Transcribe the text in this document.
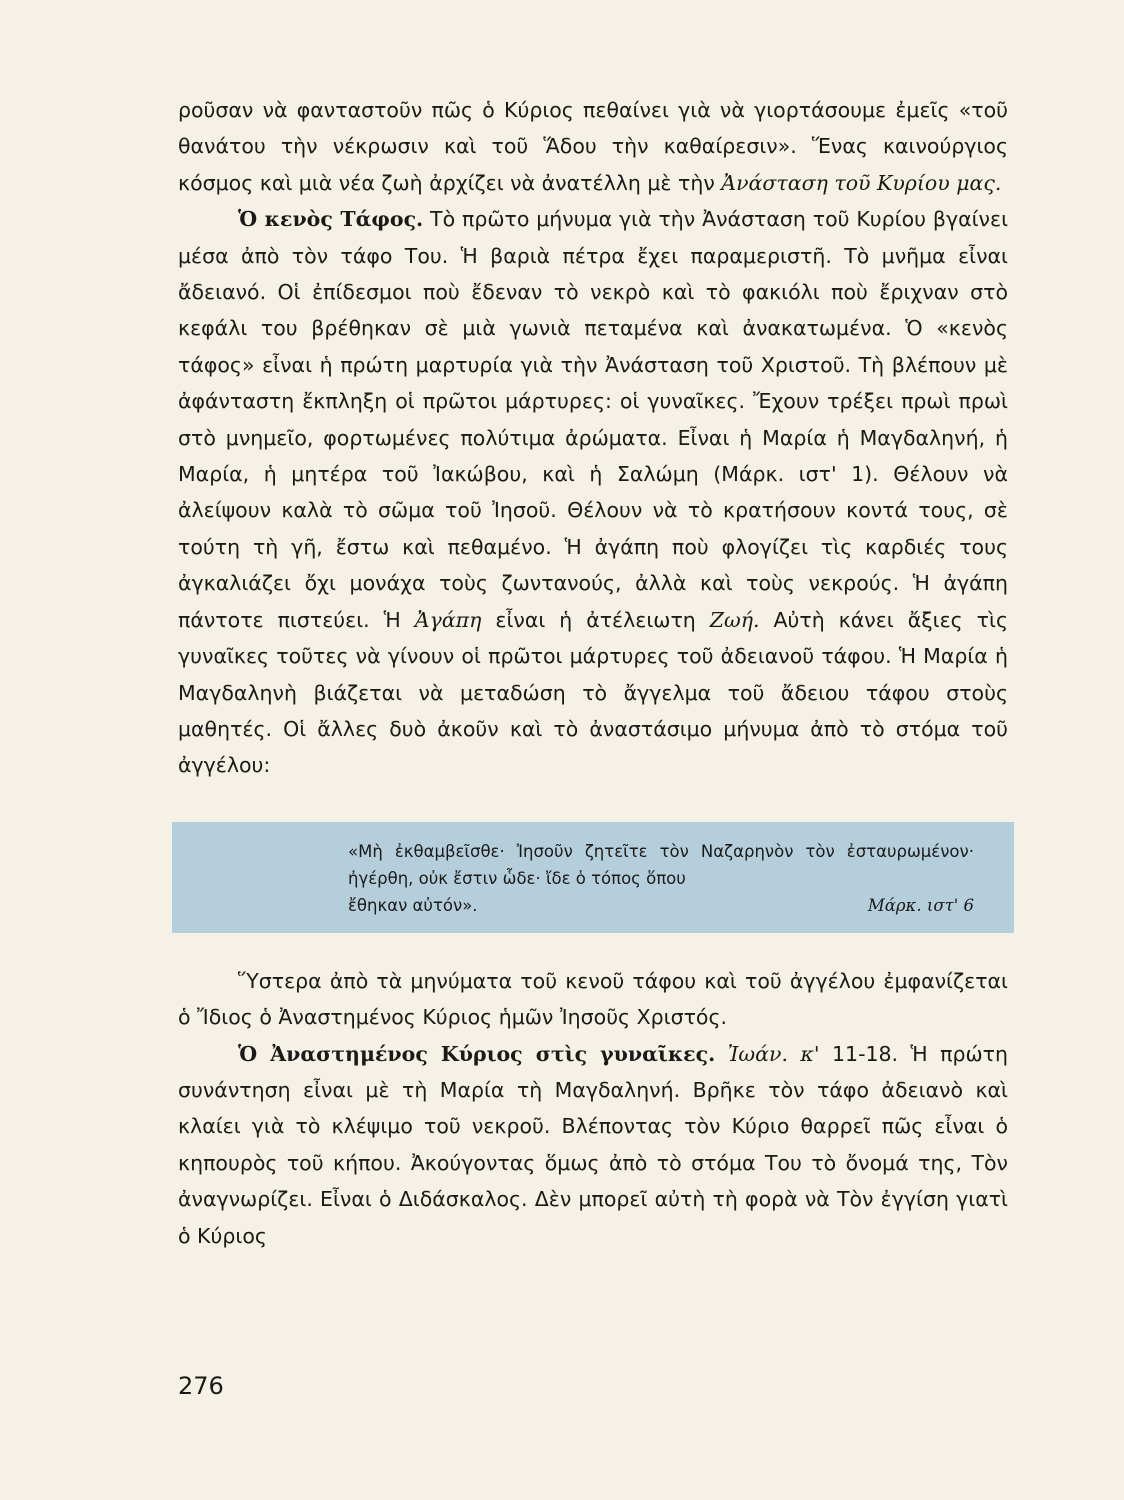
ροῦσαν νὰ φανταστοῦν πῶς ὁ Κύριος πεθαίνει γιὰ νὰ γιορτάσουμε ἐμεῖς «τοῦ θανάτου τὴν νέκρωσιν καὶ τοῦ Ἅδου τὴν καθαίρεσιν». Ἕνας καινούργιος κόσμος καὶ μιὰ νέα ζωὴ ἀρχίζει νὰ ἀνατέλλη μὲ τὴν Ἀνάσταση τοῦ Κυρίου μας.

Ὁ κενὸς Τάφος. Τὸ πρῶτο μήνυμα γιὰ τὴν Ἀνάσταση τοῦ Κυρίου βγαίνει μέσα ἀπὸ τὸν τάφο Του. Ἡ βαριὰ πέτρα ἔχει παραμεριστῆ. Τὸ μνῆμα εἶναι ἄδειανό. Οἱ ἐπίδεσμοι ποὺ ἔδεναν τὸ νεκρὸ καὶ τὸ φακιόλι ποὺ ἔριχναν στὸ κεφάλι του βρέθηκαν σὲ μιὰ γωνιὰ πεταμένα καὶ ἀνακατωμένα. Ὁ «κενὸς τάφος» εἶναι ἡ πρώτη μαρτυρία γιὰ τὴν Ἀνάσταση τοῦ Χριστοῦ. Τὴ βλέπουν μὲ ἀφάνταστη ἔκπληξη οἱ πρῶτοι μάρτυρες: οἱ γυναῖκες. Ἔχουν τρέξει πρωὶ πρωὶ στὸ μνημεῖο, φορτωμένες πολύτιμα ἀρώματα. Εἶναι ἡ Μαρία ἡ Μαγδαληνή, ἡ Μαρία, ἡ μητέρα τοῦ Ἰακώβου, καὶ ἡ Σαλώμη (Μάρκ. ιστ' 1). Θέλουν νὰ ἀλείψουν καλὰ τὸ σῶμα τοῦ Ἰησοῦ. Θέλουν νὰ τὸ κρατήσουν κοντά τους, σὲ τούτη τὴ γῆ, ἔστω καὶ πεθαμένο. Ἡ ἀγάπη ποὺ φλογίζει τὶς καρδιές τους ἀγκαλιάζει ὄχι μονάχα τοὺς ζωντανούς, ἀλλὰ καὶ τοὺς νεκρούς. Ἡ ἀγάπη πάντοτε πιστεύει. Ἡ Ἀγάπη εἶναι ἡ ἀτέλειωτη Ζωή. Αὐτὴ κάνει ἄξιες τὶς γυναῖκες τοῦτες νὰ γίνουν οἱ πρῶτοι μάρτυρες τοῦ ἀδειανοῦ τάφου. Ἡ Μαρία ἡ Μαγδαληνὴ βιάζεται νὰ μεταδώση τὸ ἄγγελμα τοῦ ἄδειου τάφου στοὺς μαθητές. Οἱ ἄλλες δυὸ ἀκοῦν καὶ τὸ ἀναστάσιμο μήνυμα ἀπὸ τὸ στόμα τοῦ ἀγγέλου:

«Μὴ ἐκθαμβεῖσθε· Ἰησοῦν ζητεῖτε τὸν Ναζαρηνὸν τὸν ἐσταυρωμένον· ἠγέρθη, οὐκ ἔστιν ὧδε· ἴδε ὁ τόπος ὅπου

ἔθηκαν αὐτόν».	Μάρκ. ιστ' 6

Ὕστερα ἀπὸ τὰ μηνύματα τοῦ κενοῦ τάφου καὶ τοῦ ἀγγέλου ἐμφανίζεται ὁ Ἴδιος ὁ Ἀναστημένος Κύριος ἡμῶν Ἰησοῦς Χριστός.

Ὁ Ἀναστημένος Κύριος στὶς γυναῖκες. Ἰωάν. κ' 11-18. Ἡ πρώτη συνάντηση εἶναι μὲ τὴ Μαρία τὴ Μαγδαληνή. Βρῆκε τὸν τάφο ἀδειανὸ καὶ κλαίει γιὰ τὸ κλέψιμο τοῦ νεκροῦ. Βλέποντας τὸν Κύριο θαρρεῖ πῶς εἶναι ὁ κηπουρὸς τοῦ κήπου. Ἀκούγοντας ὅμως ἀπὸ τὸ στόμα Του τὸ ὄνομά της, Τὸν ἀναγνωρίζει. Εἶναι ὁ Διδάσκαλος. Δὲν μπορεῖ αὐτὴ τὴ φορὰ νὰ Τὸν ἐγγίση γιατὶ ὁ Κύριος

276
